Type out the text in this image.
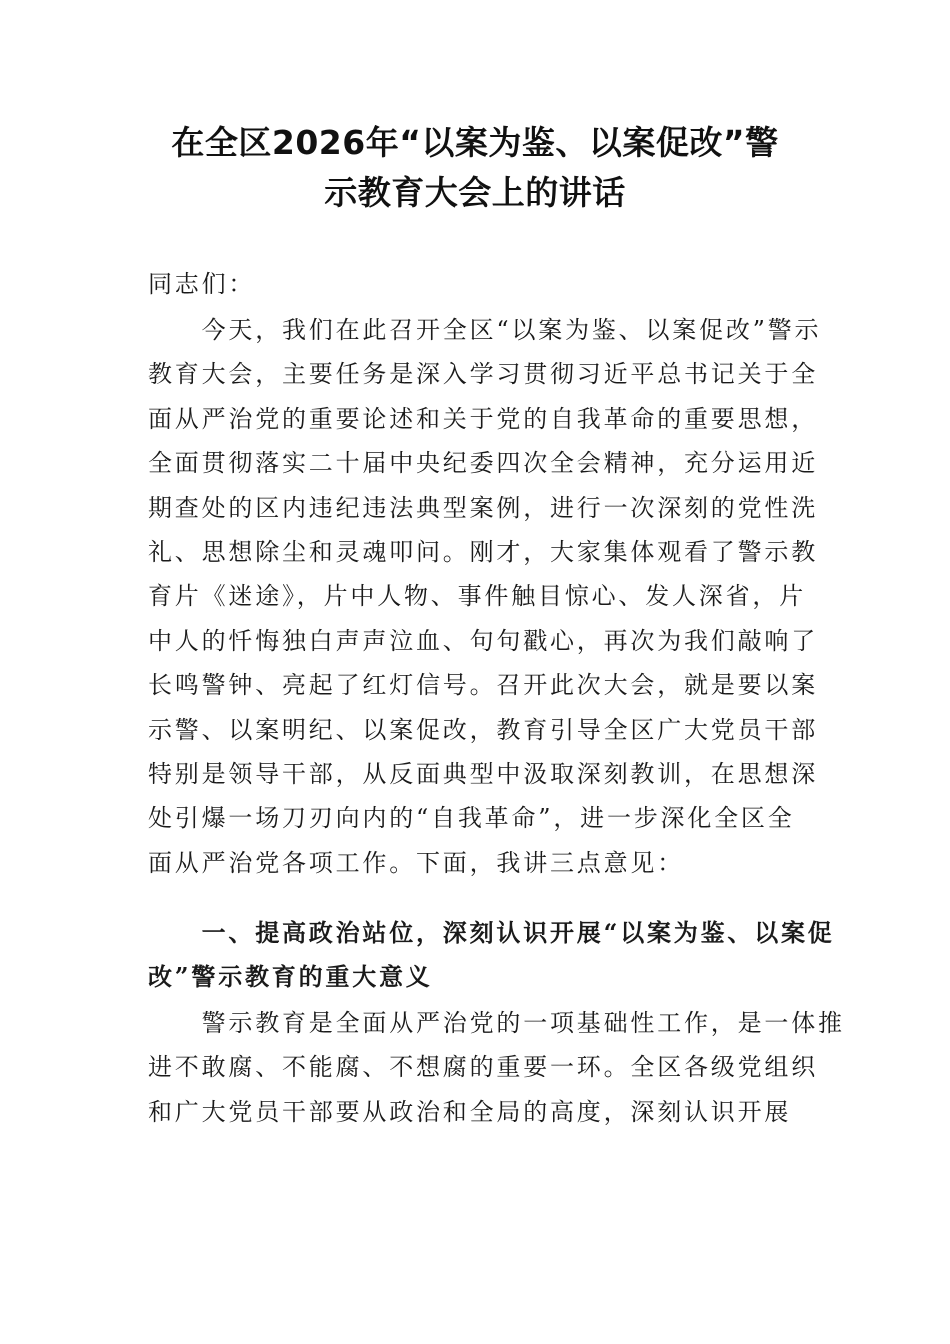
在全区2026年“以案为鉴、以案促改”警
示教育大会上的讲话
同志们：
　　今天，我们在此召开全区“以案为鉴、以案促改”警示
教育大会，主要任务是深入学习贯彻习近平总书记关于全
面从严治党的重要论述和关于党的自我革命的重要思想，
全面贯彻落实二十届中央纪委四次全会精神，充分运用近
期查处的区内违纪违法典型案例，进行一次深刻的党性洗
礼、思想除尘和灵魂叩问。刚才，大家集体观看了警示教
育片《迷途》，片中人物、事件触目惊心、发人深省，片
中人的忏悔独白声声泣血、句句戳心，再次为我们敲响了
长鸣警钟、亮起了红灯信号。召开此次大会，就是要以案
示警、以案明纪、以案促改，教育引导全区广大党员干部
特别是领导干部，从反面典型中汲取深刻教训，在思想深
处引爆一场刀刃向内的“自我革命”，进一步深化全区全
面从严治党各项工作。下面，我讲三点意见：
　　一、提高政治站位，深刻认识开展“以案为鉴、以案促
改”警示教育的重大意义
　　警示教育是全面从严治党的一项基础性工作，是一体推
进不敢腐、不能腐、不想腐的重要一环。全区各级党组织
和广大党员干部要从政治和全局的高度，深刻认识开展
